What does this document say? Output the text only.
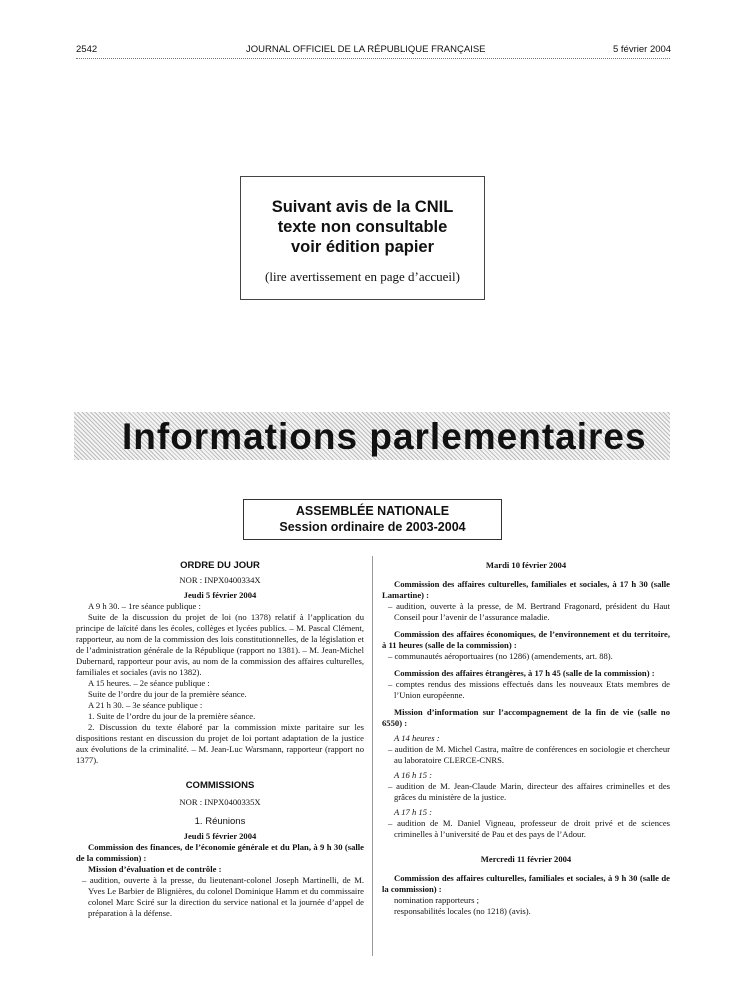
2542	JOURNAL OFFICIEL DE LA RÉPUBLIQUE FRANÇAISE	5 février 2004
Suivant avis de la CNIL
texte non consultable
voir édition papier
(lire avertissement en page d’accueil)
Informations parlementaires
ASSEMBLÉE NATIONALE
Session ordinaire de 2003-2004

ORDRE DU JOUR

NOR : INPX0400334X

Jeudi 5 février 2004

A 9 h 30. – 1re séance publique :

Suite de la discussion du projet de loi (no 1378) relatif à l’application du principe de laïcité dans les écoles, collèges et lycées publics. – M. Pascal Clément, rapporteur, au nom de la commission des lois constitutionnelles, de la législation et de l’administration générale de la République (rapport no 1381). – M. Jean-Michel Dubernard, rapporteur pour avis, au nom de la commission des affaires culturelles, familiales et sociales (avis no 1382).

A 15 heures. – 2e séance publique :

Suite de l’ordre du jour de la première séance.

A 21 h 30. – 3e séance publique :

1. Suite de l’ordre du jour de la première séance.

2. Discussion du texte élaboré par la commission mixte paritaire sur les dispositions restant en discussion du projet de loi portant adaptation de la justice aux évolutions de la criminalité. – M. Jean-Luc Warsmann, rapporteur (rapport no 1377).

COMMISSIONS

NOR : INPX0400335X

1. Réunions

Jeudi 5 février 2004

Commission des finances, de l’économie générale et du Plan, à 9 h 30 (salle de la commission) :

Mission d’évaluation et de contrôle :

– audition, ouverte à la presse, du lieutenant-colonel Joseph Martinelli, de M. Yves Le Barbier de Blignières, du colonel Dominique Hamm et du commissaire colonel Marc Sciré sur la direction du service national et la journée d’appel de préparation à la défense.

Mardi 10 février 2004

Commission des affaires culturelles, familiales et sociales, à 17 h 30 (salle Lamartine) :

– audition, ouverte à la presse, de M. Bertrand Fragonard, président du Haut Conseil pour l’avenir de l’assurance maladie.

Commission des affaires économiques, de l’environnement et du territoire, à 11 heures (salle de la commission) :

– communautés aéroportuaires (no 1286) (amendements, art. 88).

Commission des affaires étrangères, à 17 h 45 (salle de la commission) :

– comptes rendus des missions effectués dans les nouveaux Etats membres de l’Union européenne.

Mission d’information sur l’accompagnement de la fin de vie (salle no 6550) :

A 14 heures :

– audition de M. Michel Castra, maître de conférences en sociologie et chercheur au laboratoire CLERCE-CNRS.

A 16 h 15 :

– audition de M. Jean-Claude Marin, directeur des affaires criminelles et des grâces du ministère de la justice.

A 17 h 15 :

– audition de M. Daniel Vigneau, professeur de droit privé et de sciences criminelles à l’université de Pau et des pays de l’Adour.

Mercredi 11 février 2004

Commission des affaires culturelles, familiales et sociales, à 9 h 30 (salle de la commission) :

nomination rapporteurs ;

responsabilités locales (no 1218) (avis).
